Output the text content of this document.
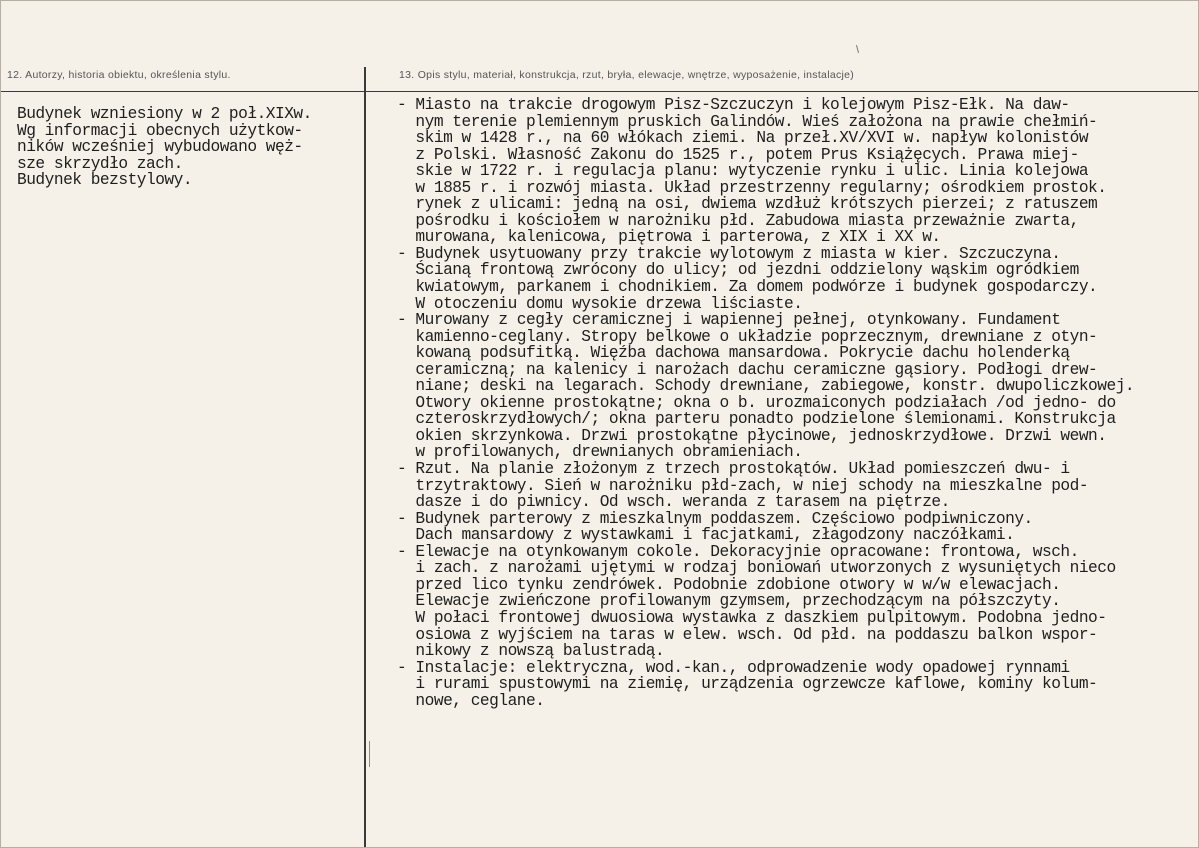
12. Autorzy, historia obiektu, określenia stylu.	13. Opis stylu, materiał, konstrukcja, rzut, bryła, elewacje, wnętrze, wyposażenie, instalacje)
Budynek wzniesiony w 2 poł.XIXw.
Wg informacji obecnych użytkow-
ników wcześniej wybudowano węż-
sze skrzydło zach.
Budynek bezstylowy.
- Miasto na trakcie drogowym Pisz-Szczuczyn i kolejowym Pisz-Ełk. Na daw-
nym terenie plemiennym pruskich Galindów. Wieś założona na prawie chełmiń-
skim w 1428 r., na 60 włókach ziemi. Na przeł.XV/XVI w. napływ kolonistów
z Polski. Własność Zakonu do 1525 r., potem Prus Książęcych. Prawa miej-
skie w 1722 r. i regulacja planu: wytyczenie rynku i ulic. Linia kolejowa
w 1885 r. i rozwój miasta. Układ przestrzenny regularny; ośrodkiem prostok.
rynek z ulicami: jedną na osi, dwiema wzdłuż krótszych pierzei; z ratuszem
pośrodku i kościołem w narożniku płd. Zabudowa miasta przeważnie zwarta,
murowana, kalenicowa, piętrowa i parterowa, z XIX i XX w.
- Budynek usytuowany przy trakcie wylotowym z miasta w kier. Szczuczyna.
Ścianą frontową zwrócony do ulicy; od jezdni oddzielony wąskim ogródkiem
kwiatowym, parkanem i chodnikiem. Za domem podwórze i budynek gospodarczy.
W otoczeniu domu wysokie drzewa liściaste.
- Murowany z cegły ceramicznej i wapiennej pełnej, otynkowany. Fundament
kamienno-ceglany. Stropy belkowe o układzie poprzecznym, drewniane z otyn-
kowaną podsufitką. Więźba dachowa mansardowa. Pokrycie dachu holenderką
ceramiczną; na kalenicy i narożach dachu ceramiczne gąsiory. Podłogi drew-
niane; deski na legarach. Schody drewniane, zabiegowe, konstr. dwupoliczkowej.
Otwory okienne prostokątne; okna o b. urozmaiconych podziałach /od jedno- do
czteroskrzydłowych/; okna parteru ponadto podzielone ślemionami. Konstrukcja
okien skrzynkowa. Drzwi prostokątne płycinowe, jednoskrzydłowe. Drzwi wewn.
w profilowanych, drewnianych obramieniach.
- Rzut. Na planie złożonym z trzech prostokątów. Układ pomieszczeń dwu- i
trzytraktowy. Sień w narożniku płd-zach, w niej schody na mieszkalne pod-
dasze i do piwnicy. Od wsch. weranda z tarasem na piętrze.
- Budynek parterowy z mieszkalnym poddaszem. Częściowo podpiwniczony.
Dach mansardowy z wystawkami i facjatkami, złagodzony naczółkami.
- Elewacje na otynkowanym cokole. Dekoracyjnie opracowane: frontowa, wsch.
i zach. z narożami ujętymi w rodzaj boniowań utworzonych z wysuniętych nieco
przed lico tynku zendrówek. Podobnie zdobione otwory w w/w elewacjach.
Elewacje zwieńczone profilowanym gzymsem, przechodzącym na półszczyty.
W połaci frontowej dwuosiowa wystawka z daszkiem pulpitowym. Podobna jedno-
osiowa z wyjściem na taras w elew. wsch. Od płd. na poddaszu balkon wspor-
nikowy z nowszą balustradą.
- Instalacje: elektryczna, wod.-kan., odprowadzenie wody opadowej rynnami
i rurami spustowymi na ziemię, urządzenia ogrzewcze kaflowe, kominy kolum-
nowe, ceglane.
